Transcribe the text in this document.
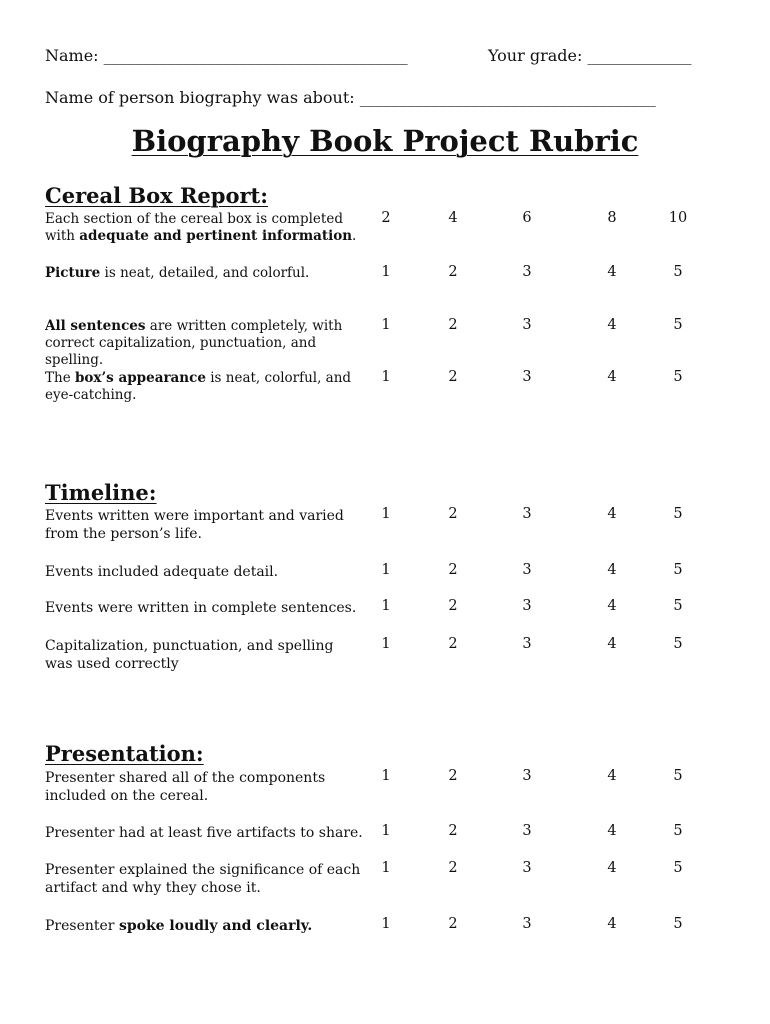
Name: ______________________________________	Your grade: _____________
Name of person biography was about: _____________________________________
Biography Book Project Rubric
Cereal Box Report:
Each section of the cereal box is completed with adequate and pertinent information.
2	4	6	8	10
Picture is neat, detailed, and colorful.	1	2	3	4	5
All sentences are written completely, with correct capitalization, punctuation, and spelling.
1	2	3	4	5
The box’s appearance is neat, colorful, and eye-catching.
1	2	3	4	5
Timeline:
Events written were important and varied from the person’s life.
1	2	3	4	5
Events included adequate detail.	1	2	3	4	5
Events were written in complete sentences.	1	2	3	4	5
Capitalization, punctuation, and spelling was used correctly
1	2	3	4	5
Presentation:
Presenter shared all of the components included on the cereal.
1	2	3	4	5
Presenter had at least five artifacts to share.	1	2	3	4	5
Presenter explained the significance of each artifact and why they chose it.
1	2	3	4	5
Presenter spoke loudly and clearly.	1	2	3	4	5
